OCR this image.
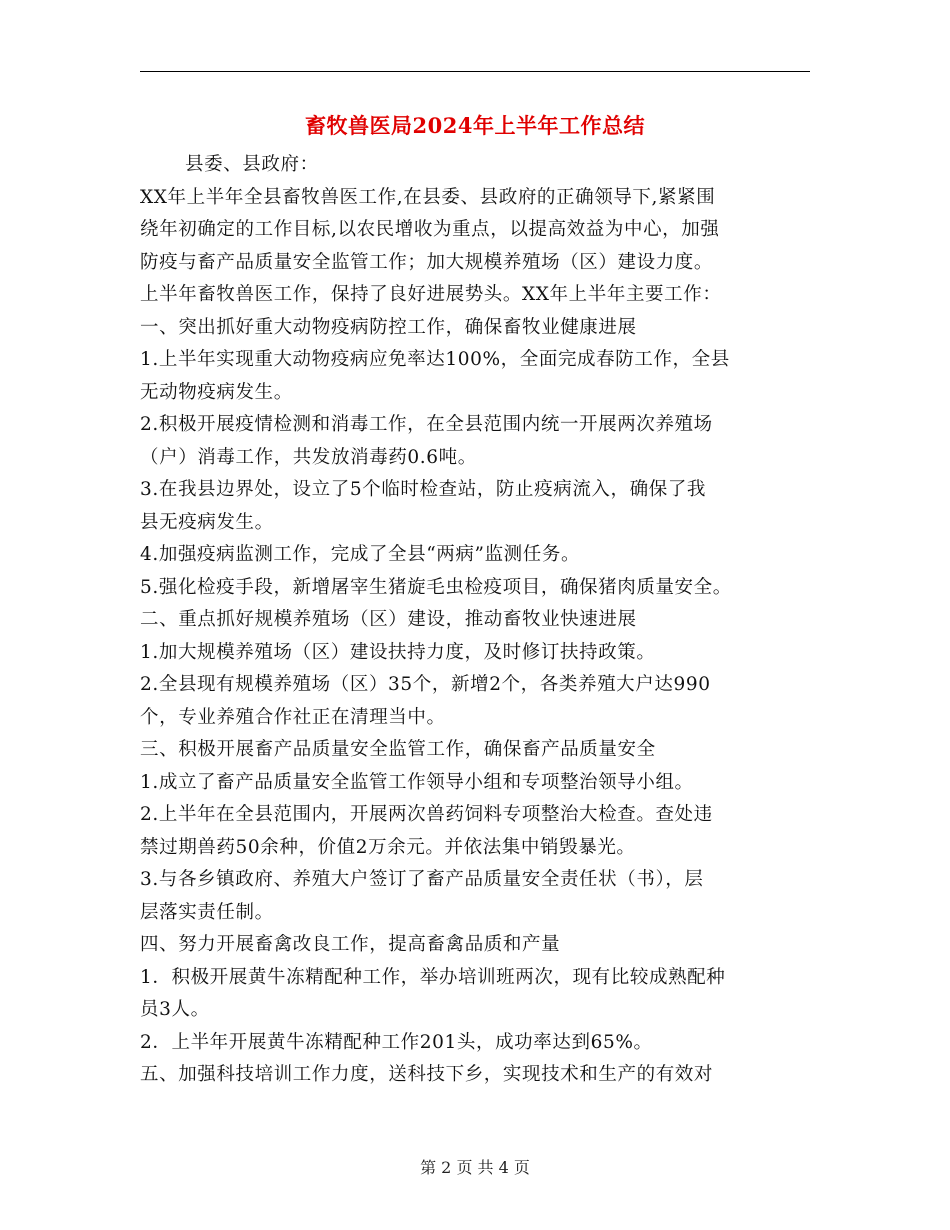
畜牧兽医局2024年上半年工作总结
县委、县政府：
XX年上半年全县畜牧兽医工作,在县委、县政府的正确领导下,紧紧围
绕年初确定的工作目标,以农民增收为重点，以提高效益为中心，加强
防疫与畜产品质量安全监管工作；加大规模养殖场（区）建设力度。
上半年畜牧兽医工作，保持了良好进展势头。XX年上半年主要工作：
一、突出抓好重大动物疫病防控工作，确保畜牧业健康进展
1.上半年实现重大动物疫病应免率达100%，全面完成春防工作，全县
无动物疫病发生。
2.积极开展疫情检测和消毒工作，在全县范围内统一开展两次养殖场
（户）消毒工作，共发放消毒药0.6吨。
3.在我县边界处，设立了5个临时检查站，防止疫病流入，确保了我
县无疫病发生。
4.加强疫病监测工作，完成了全县“两病”监测任务。
5.强化检疫手段，新增屠宰生猪旋毛虫检疫项目，确保猪肉质量安全。
二、重点抓好规模养殖场（区）建设，推动畜牧业快速进展
1.加大规模养殖场（区）建设扶持力度，及时修订扶持政策。
2.全县现有规模养殖场（区）35个，新增2个，各类养殖大户达990
个，专业养殖合作社正在清理当中。
三、积极开展畜产品质量安全监管工作，确保畜产品质量安全
1.成立了畜产品质量安全监管工作领导小组和专项整治领导小组。
2.上半年在全县范围内，开展两次兽药饲料专项整治大检查。查处违
禁过期兽药50余种，价值2万余元。并依法集中销毁暴光。
3.与各乡镇政府、养殖大户签订了畜产品质量安全责任状（书），层
层落实责任制。
四、努力开展畜禽改良工作，提高畜禽品质和产量
1．积极开展黄牛冻精配种工作，举办培训班两次，现有比较成熟配种
员3人。
2．上半年开展黄牛冻精配种工作201头，成功率达到65%。
五、加强科技培训工作力度，送科技下乡，实现技术和生产的有效对
第 2 页 共 4 页
